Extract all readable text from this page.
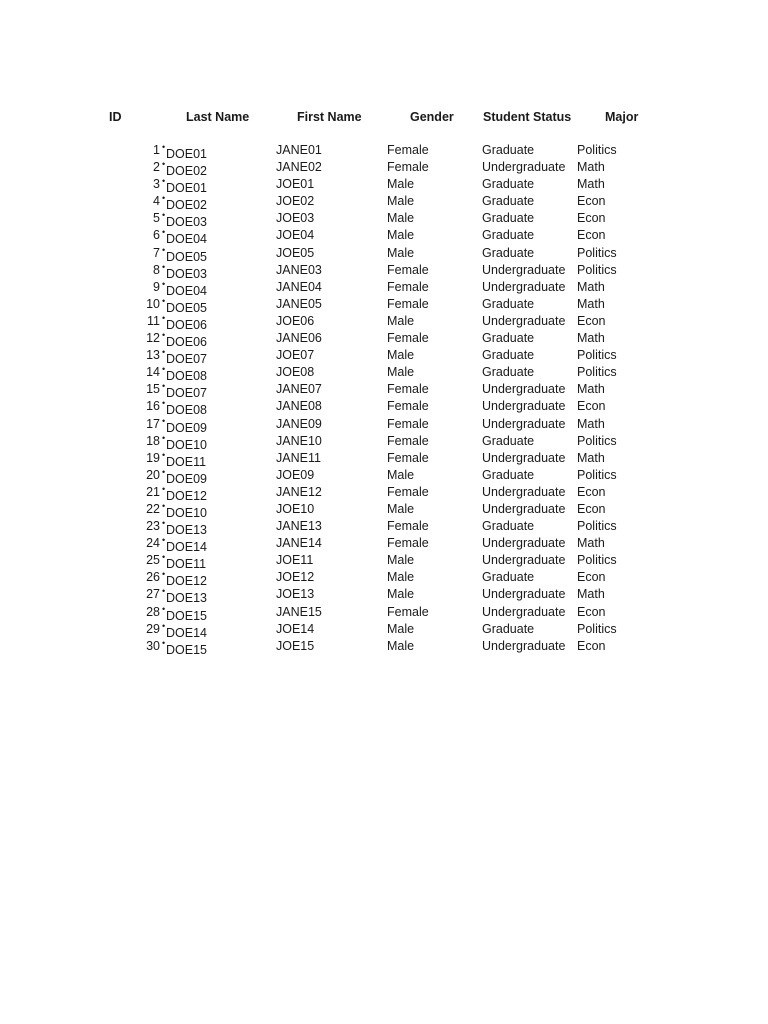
ID	Last Name	First Name	Gender Student Status	Major
1 • DOE01	JANE01	Female	Graduate	Politics
2 • DOE02	JANE02	Female	Undergraduate Math
3 • DOE01	JOE01	Male	Graduate	Math
4 • DOE02	JOE02	Male	Graduate	Econ
5 • DOE03	JOE03	Male	Graduate	Econ
6 • DOE04	JOE04	Male	Graduate	Econ
7 • DOE05	JOE05	Male	Graduate	Politics
8 • DOE03	JANE03	Female	Undergraduate Politics
9 • DOE04	JANE04	Female	Undergraduate Math
10 • DOE05	JANE05	Female	Graduate	Math
11 • DOE06	JOE06	Male	Undergraduate Econ
12 • DOE06	JANE06	Female	Graduate	Math
13 • DOE07	JOE07	Male	Graduate	Politics
14 • DOE08	JOE08	Male	Graduate	Politics
15 • DOE07	JANE07	Female	Undergraduate Math
16 • DOE08	JANE08	Female	Undergraduate Econ
17 • DOE09	JANE09	Female	Undergraduate Math
18 • DOE10	JANE10	Female	Graduate	Politics
19 • DOE11	JANE11	Female	Undergraduate Math
20 • DOE09	JOE09	Male	Graduate	Politics
21 • DOE12	JANE12	Female	Undergraduate Econ
22 • DOE10	JOE10	Male	Undergraduate Econ
23 • DOE13	JANE13	Female	Graduate	Politics
24 • DOE14	JANE14	Female	Undergraduate Math
25 • DOE11	JOE11	Male	Undergraduate Politics
26 • DOE12	JOE12	Male	Graduate	Econ
27 • DOE13	JOE13	Male	Undergraduate Math
28 • DOE15	JANE15	Female	Undergraduate Econ
29 • DOE14	JOE14	Male	Graduate	Politics
30 • DOE15	JOE15	Male	Undergraduate Econ
